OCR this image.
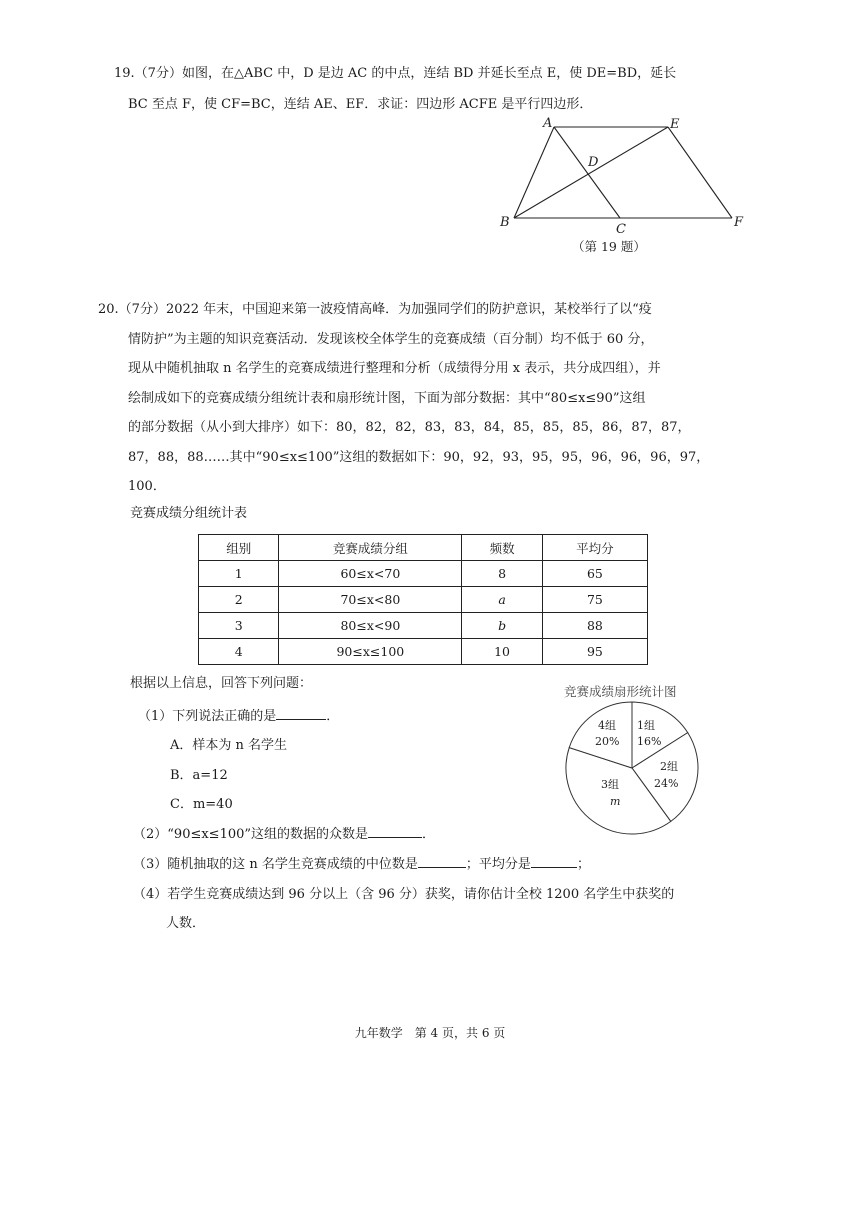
19.（7分）如图，在△ABC 中，D 是边 AC 的中点，连结 BD 并延长至点 E，使 DE=BD，延长
BC 至点 F，使 CF=BC，连结 AE、EF．求证：四边形 ACFE 是平行四边形．
A	E
D
B	C	F
（第 19 题）

20.（7分）2022 年末，中国迎来第一波疫情高峰．为加强同学们的防护意识，某校举行了以“疫

情防护”为主题的知识竞赛活动．发现该校全体学生的竞赛成绩（百分制）均不低于 60 分，

现从中随机抽取 n 名学生的竞赛成绩进行整理和分析（成绩得分用 x 表示，共分成四组），并

绘制成如下的竞赛成绩分组统计表和扇形统计图，下面为部分数据：其中“80≤x≤90”这组

的部分数据（从小到大排序）如下：80，82，82，83，83，84，85，85，85，86，87，87，

87，88，88……其中“90≤x≤100”这组的数据如下：90，92，93，95，95，96，96，96，97，

100．

竞赛成绩分组统计表
组别	竞赛成绩分组	频数	平均分
1	60≤x<70	8	65
2	70≤x<80	a	75
3	80≤x<90	b	88
4	90≤x≤100	10	95
根据以上信息，回答下列问题：
竞赛成绩扇形统计图
4组
20%
1组
16%
2组
24%
3组
m
（1）下列说法正确的是	．
A．样本为 n 名学生
B．a=12
C．m=40
（2）“90≤x≤100”这组的数据的众数是	．
（3）随机抽取的这 n 名学生竞赛成绩的中位数是	；平均分是	；
（4）若学生竞赛成绩达到 96 分以上（含 96 分）获奖，请你估计全校 1200 名学生中获奖的
人数．
九年数学　第 4 页，共 6 页
